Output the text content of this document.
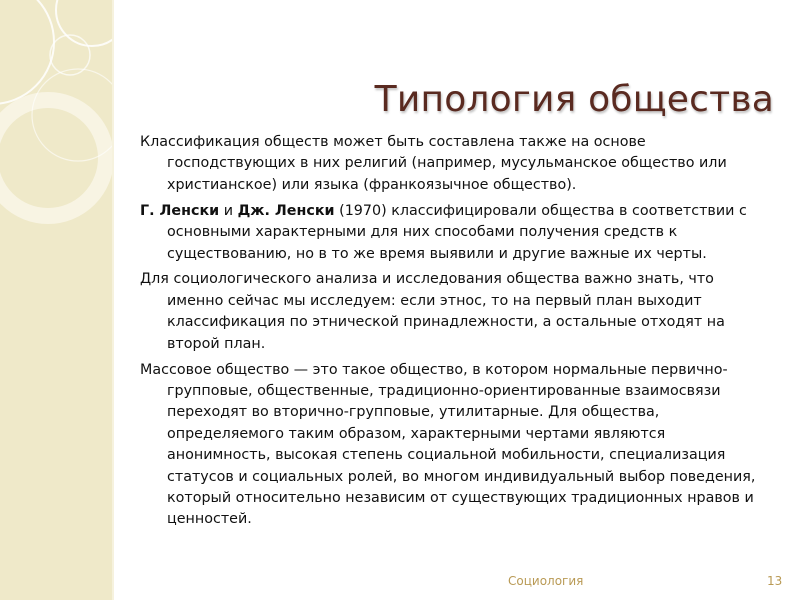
Типология общества

Классификация обществ может быть составлена также на основе господствующих в них религий (например, мусульманское общество или христианское) или языка (франкоязычное общество).

Г. Ленски и Дж. Ленски (1970) классифицировали общества в соответствии с основными характерными для них способами получения средств к существованию, но в то же время выявили и другие важные их черты.

Для социологического анализа и исследования общества важно знать, что именно сейчас мы исследуем: если этнос, то на первый план выходит классификация по этнической принадлежности, а остальные отходят на второй план.

Массовое общество — это такое общество, в котором нормальные первично-групповые, общественные, традиционно-ориентированные взаимосвязи переходят во вторично-групповые, утилитарные. Для общества, определяемого таким образом, характерными чертами являются анонимность, высокая степень социальной мобильности, специализация статусов и социальных ролей, во многом индивидуальный выбор поведения, который относительно независим от существующих традиционных нравов и ценностей.

Социология	13
